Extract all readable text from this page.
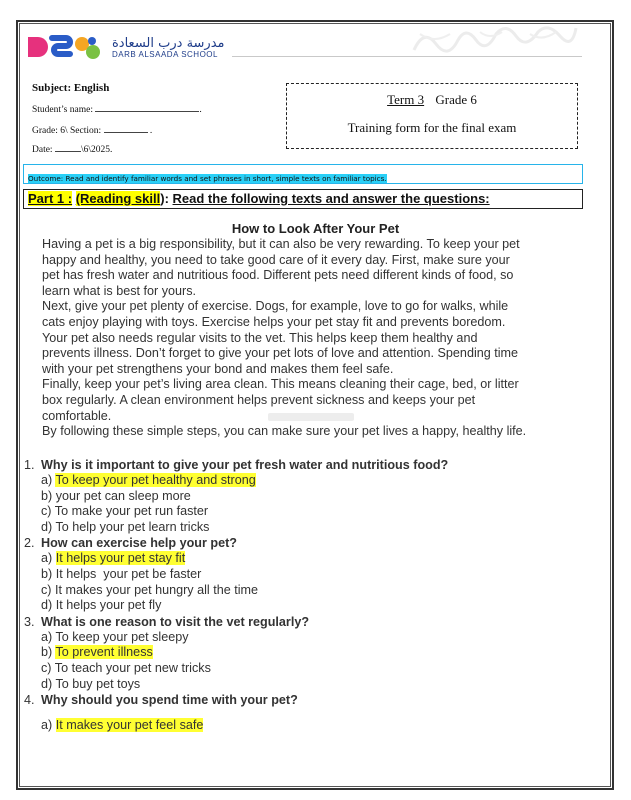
مدرسة درب السعادة
DARB ALSAADA SCHOOL
Subject: English
Student’s name:	.
Grade: 6\ Section:	.
Date:	\6\2025.
Term 3 Grade 6
Training form for the final exam
Outcome: Read and identify familiar words and set phrases in short, simple texts on familiar topics.
Part 1 : (Reading skill): Read the following texts and answer the questions:
How to Look After Your Pet

Having a pet is a big responsibility, but it can also be very rewarding. To keep your pet

happy and healthy, you need to take good care of it every day. First, make sure your

pet has fresh water and nutritious food. Different pets need different kinds of food, so

learn what is best for yours.

Next, give your pet plenty of exercise. Dogs, for example, love to go for walks, while

cats enjoy playing with toys. Exercise helps your pet stay fit and prevents boredom.

Your pet also needs regular visits to the vet. This helps keep them healthy and

prevents illness. Don’t forget to give your pet lots of love and attention. Spending time

with your pet strengthens your bond and makes them feel safe.

Finally, keep your pet’s living area clean. This means cleaning their cage, bed, or litter

box regularly. A clean environment helps prevent sickness and keeps your pet

comfortable.

By following these simple steps, you can make sure your pet lives a happy, healthy life.

1. Why is it important to give your pet fresh water and nutritious food?
a) To keep your pet healthy and strong
b) your pet can sleep more
c) To make your pet run faster
d) To help your pet learn tricks
2. How can exercise help your pet?
a) It helps your pet stay fit
b) It helps  your pet be faster
c) It makes your pet hungry all the time
d) It helps your pet fly
3. What is one reason to visit the vet regularly?
a) To keep your pet sleepy
b) To prevent illness
c) To teach your pet new tricks
d) To buy pet toys
4. Why should you spend time with your pet?
a) It makes your pet feel safe
